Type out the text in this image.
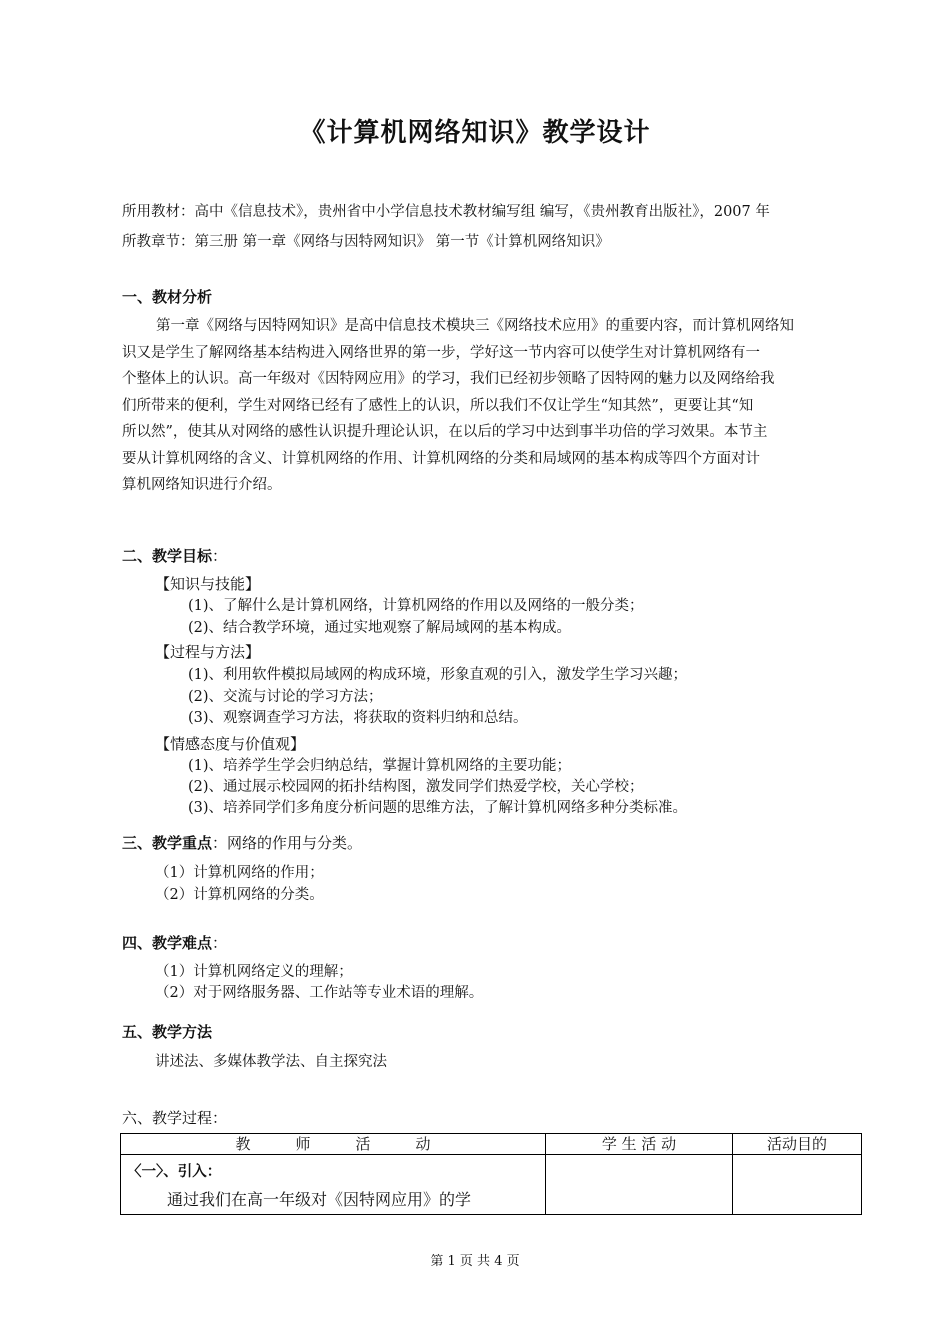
《计算机网络知识》教学设计
所用教材：高中《信息技术》，贵州省中小学信息技术教材编写组 编写，《贵州教育出版社》，2007 年
所教章节：第三册 第一章《网络与因特网知识》 第一节《计算机网络知识》
一、教材分析
第一章《网络与因特网知识》是高中信息技术模块三《网络技术应用》的重要内容，而计算机网络知
识又是学生了解网络基本结构进入网络世界的第一步，学好这一节内容可以使学生对计算机网络有一
个整体上的认识。高一年级对《因特网应用》的学习，我们已经初步领略了因特网的魅力以及网络给我
们所带来的便利，学生对网络已经有了感性上的认识，所以我们不仅让学生“知其然”，更要让其“知
所以然”，使其从对网络的感性认识提升理论认识，在以后的学习中达到事半功倍的学习效果。本节主
要从计算机网络的含义、计算机网络的作用、计算机网络的分类和局域网的基本构成等四个方面对计
算机网络知识进行介绍。
二、教学目标：
【知识与技能】
(1)、了解什么是计算机网络，计算机网络的作用以及网络的一般分类；
(2)、结合教学环境，通过实地观察了解局域网的基本构成。
【过程与方法】
(1)、利用软件模拟局域网的构成环境，形象直观的引入，激发学生学习兴趣；
(2)、交流与讨论的学习方法；
(3)、观察调查学习方法，将获取的资料归纳和总结。
【情感态度与价值观】
(1)、培养学生学会归纳总结，掌握计算机网络的主要功能；
(2)、通过展示校园网的拓扑结构图，激发同学们热爱学校，关心学校；
(3)、培养同学们多角度分析问题的思维方法，了解计算机网络多种分类标准。
三、教学重点：网络的作用与分类。
（1）计算机网络的作用；
（2）计算机网络的分类。
四、教学难点：
（1）计算机网络定义的理解；
（2）对于网络服务器、工作站等专业术语的理解。
五、教学方法
讲述法、多媒体教学法、自主探究法
六、教学过程：
教　　　师　　　活　　　动	学 生 活 动	活动目的

〈一〉、引入：
通过我们在高一年级对《因特网应用》的学		

第 1 页 共 4 页
